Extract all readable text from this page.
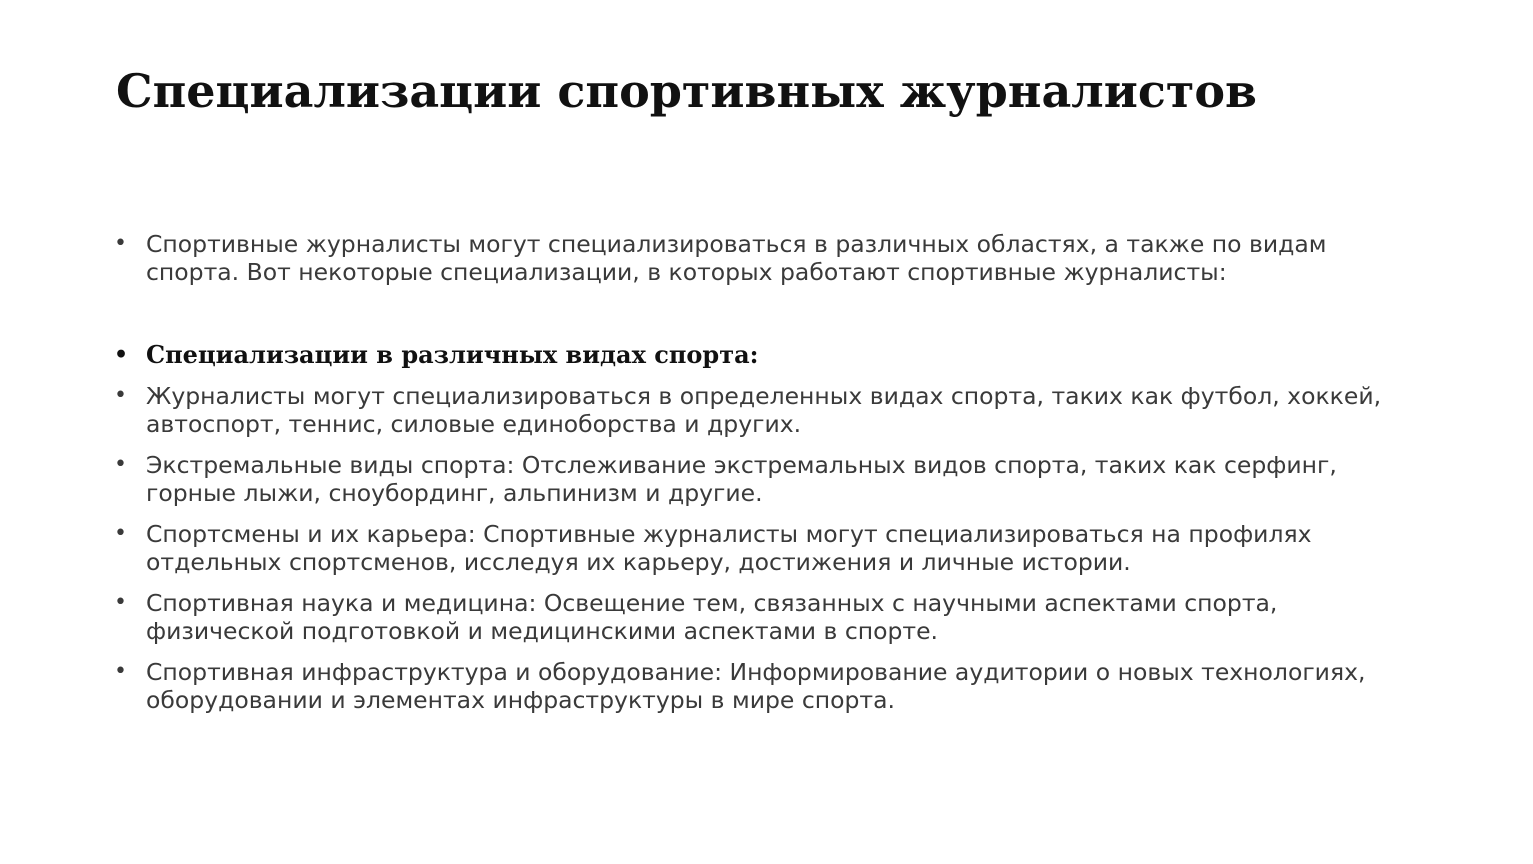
Специализации спортивных журналистов
• Спортивные журналисты могут специализироваться в различных областях, а также по видам спорта. Вот некоторые специализации, в которых работают спортивные журналисты:
• Специализации в различных видах спорта:
• Журналисты могут специализироваться в определенных видах спорта, таких как футбол, хоккей, автоспорт, теннис, силовые единоборства и других.
• Экстремальные виды спорта: Отслеживание экстремальных видов спорта, таких как серфинг, горные лыжи, сноубординг, альпинизм и другие.
• Спортсмены и их карьера: Спортивные журналисты могут специализироваться на профилях отдельных спортсменов, исследуя их карьеру, достижения и личные истории.
• Спортивная наука и медицина: Освещение тем, связанных с научными аспектами спорта, физической подготовкой и медицинскими аспектами в спорте.
• Спортивная инфраструктура и оборудование: Информирование аудитории о новых технологиях, оборудовании и элементах инфраструктуры в мире спорта.
